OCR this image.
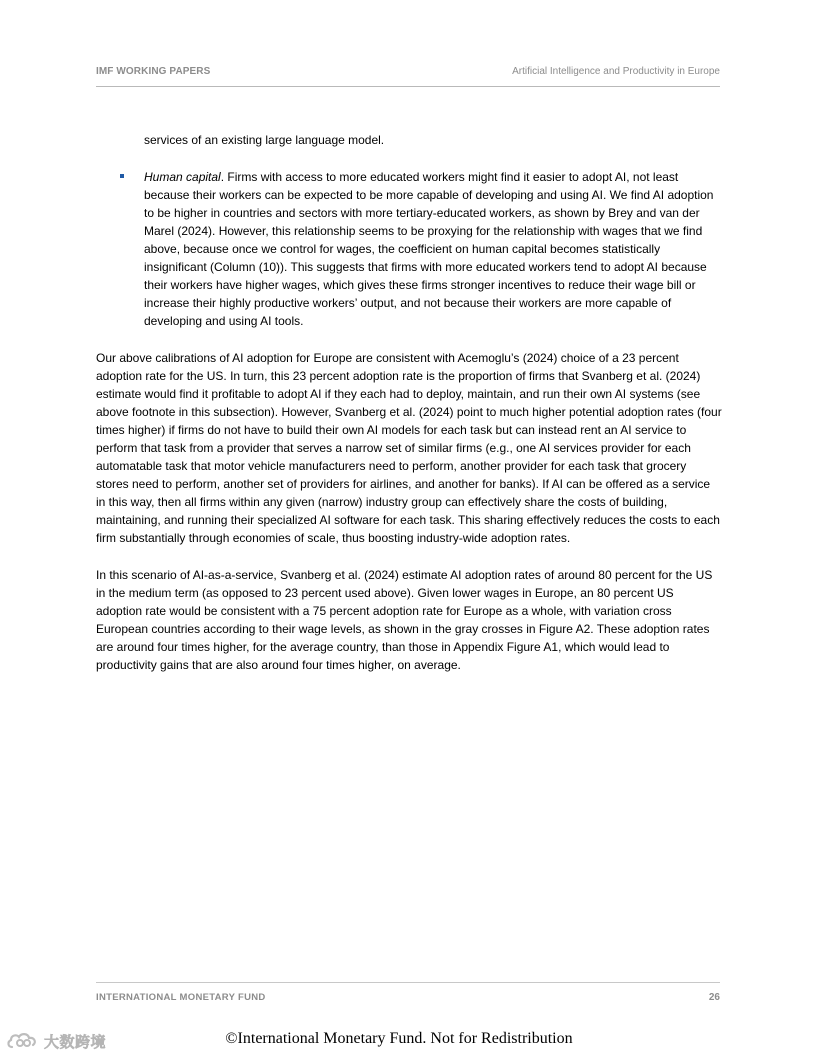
IMF WORKING PAPERS	Artificial Intelligence and Productivity in Europe

services of an existing large language model.

Human capital. Firms with access to more educated workers might find it easier to adopt AI, not least because their workers can be expected to be more capable of developing and using AI. We find AI adoption to be higher in countries and sectors with more tertiary-educated workers, as shown by Brey and van der Marel (2024). However, this relationship seems to be proxying for the relationship with wages that we find above, because once we control for wages, the coefficient on human capital becomes statistically insignificant (Column (10)). This suggests that firms with more educated workers tend to adopt AI because their workers have higher wages, which gives these firms stronger incentives to reduce their wage bill or increase their highly productive workers’ output, and not because their workers are more capable of developing and using AI tools.

Our above calibrations of AI adoption for Europe are consistent with Acemoglu’s (2024) choice of a 23 percent adoption rate for the US. In turn, this 23 percent adoption rate is the proportion of firms that Svanberg et al. (2024) estimate would find it profitable to adopt AI if they each had to deploy, maintain, and run their own AI systems (see above footnote in this subsection). However, Svanberg et al. (2024) point to much higher potential adoption rates (four times higher) if firms do not have to build their own AI models for each task but can instead rent an AI service to perform that task from a provider that serves a narrow set of similar firms (e.g., one AI services provider for each automatable task that motor vehicle manufacturers need to perform, another provider for each task that grocery stores need to perform, another set of providers for airlines, and another for banks). If AI can be offered as a service in this way, then all firms within any given (narrow) industry group can effectively share the costs of building, maintaining, and running their specialized AI software for each task. This sharing effectively reduces the costs to each firm substantially through economies of scale, thus boosting industry-wide adoption rates.

In this scenario of AI-as-a-service, Svanberg et al. (2024) estimate AI adoption rates of around 80 percent for the US in the medium term (as opposed to 23 percent used above). Given lower wages in Europe, an 80 percent US adoption rate would be consistent with a 75 percent adoption rate for Europe as a whole, with variation cross European countries according to their wage levels, as shown in the gray crosses in Figure A2. These adoption rates are around four times higher, for the average country, than those in Appendix Figure A1, which would lead to productivity gains that are also around four times higher, on average.

INTERNATIONAL MONETARY FUND	26
大数跨境	©International Monetary Fund. Not for Redistribution
